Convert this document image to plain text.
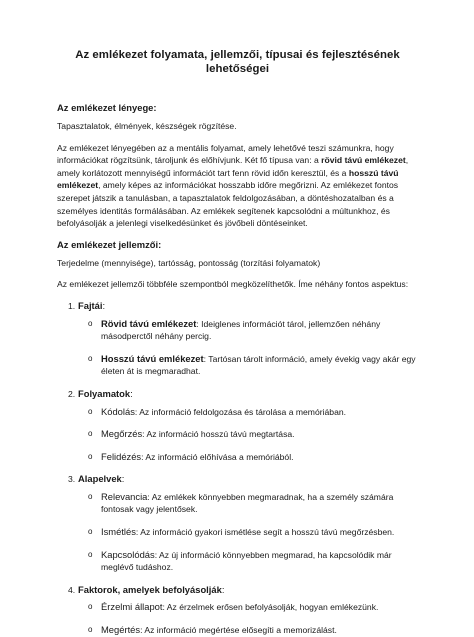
Az emlékezet folyamata, jellemzői, típusai és fejlesztésének lehetőségei
Az emlékezet lényege:

Tapasztalatok, élmények, készségek rögzítése.

Az emlékezet lényegében az a mentális folyamat, amely lehetővé teszi számunkra, hogy információkat rögzítsünk, tároljunk és előhívjunk. Két fő típusa van: a rövid távú emlékezet, amely korlátozott mennyiségű információt tart fenn rövid időn keresztül, és a hosszú távú emlékezet, amely képes az információkat hosszabb időre megőrizni. Az emlékezet fontos szerepet játszik a tanulásban, a tapasztalatok feldolgozásában, a döntéshozatalban és a személyes identitás formálásában. Az emlékek segítenek kapcsolódni a múltunkhoz, és befolyásolják a jelenlegi viselkedésünket és jövőbeli döntéseinket.

Az emlékezet jellemzői:

Terjedelme (mennyisége), tartósság, pontosság (torzítási folyamatok)

Az emlékezet jellemzői többféle szempontból megközelíthetők. Íme néhány fontos aspektus:

1. Fajtái:
o Rövid távú emlékezet: Ideiglenes információt tárol, jellemzően néhány másodperctől néhány percig.
o Hosszú távú emlékezet: Tartósan tárolt információ, amely évekig vagy akár egy életen át is megmaradhat.
2. Folyamatok:
o Kódolás: Az információ feldolgozása és tárolása a memóriában.
o Megőrzés: Az információ hosszú távú megtartása.
o Felidézés: Az információ előhívása a memóriából.
3. Alapelvek:
o Relevancia: Az emlékek könnyebben megmaradnak, ha a személy számára fontosak vagy jelentősek.
o Ismétlés: Az információ gyakori ismétlése segít a hosszú távú megőrzésben.
o Kapcsolódás: Az új információ könnyebben megmarad, ha kapcsolódik már meglévő tudáshoz.
4. Faktorok, amelyek befolyásolják:
o Érzelmi állapot: Az érzelmek erősen befolyásolják, hogyan emlékezünk.
o Megértés: Az információ megértése elősegíti a memorizálást.
